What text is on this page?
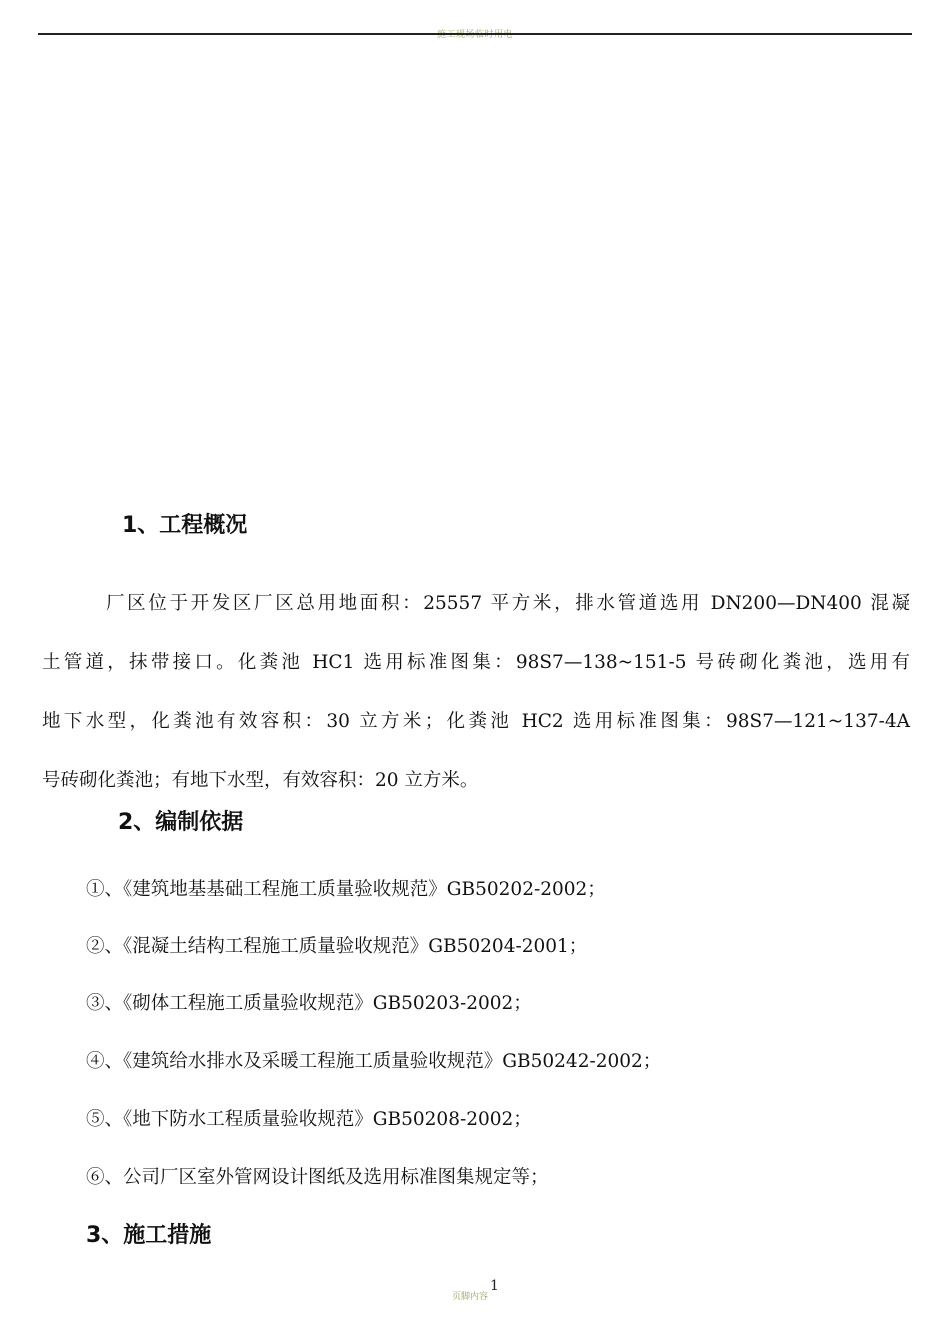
施工现场临时用电
1、工程概况
厂区位于开发区厂区总用地面积：25557 平方米，排水管道选用 DN200—DN400 混凝
土管道，抹带接口。化粪池 HC1 选用标准图集：98S7—138~151-5 号砖砌化粪池，选用有
地下水型，化粪池有效容积：30 立方米；化粪池 HC2 选用标准图集：98S7—121~137-4A
号砖砌化粪池；有地下水型，有效容积：20 立方米。
2、编制依据
①、《建筑地基基础工程施工质量验收规范》GB50202-2002；
②、《混凝土结构工程施工质量验收规范》GB50204-2001；
③、《砌体工程施工质量验收规范》GB50203-2002；
④、《建筑给水排水及采暖工程施工质量验收规范》GB50242-2002；
⑤、《地下防水工程质量验收规范》GB50208-2002；
⑥、公司厂区室外管网设计图纸及选用标准图集规定等；
3、施工措施
页脚内容
1
